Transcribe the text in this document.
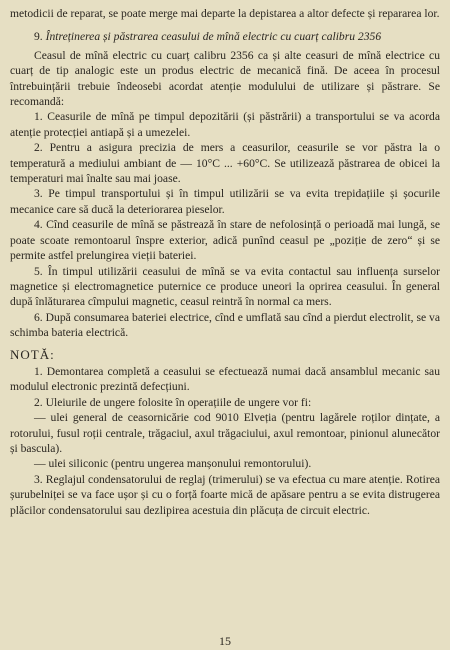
metodicii de reparat, se poate merge mai departe la depistarea a altor defecte și repararea lor.

9. Întreținerea și păstrarea ceasului de mînă electric cu cuarț calibru 2356

Ceasul de mînă electric cu cuarț calibru 2356 ca și alte ceasuri de mînă electrice cu cuarț de tip analogic este un produs electric de mecanică fină. De aceea în procesul întrebuințării trebuie îndeosebi acordat atenție modulului de utilizare și păstrare. Se recomandă:

1. Ceasurile de mînă pe timpul depozitării (și păstrării) a transportului se va acorda atenție protecției antiapă și a umezelei.

2. Pentru a asigura precizia de mers a ceasurilor, ceasurile se vor păstra la o temperatură a mediului ambiant de — 10°C ... +60°C. Se utilizează păstrarea de obicei la temperaturi mai înalte sau mai joase.

3. Pe timpul transportului și în timpul utilizării se va evita trepidațiile și șocurile mecanice care să ducă la deteriorarea pieselor.

4. Cînd ceasurile de mînă se păstrează în stare de nefolosință o perioadă mai lungă, se poate scoate remontoarul înspre exterior, adică punînd ceasul pe „poziție de zero“ și se permite astfel prelungirea vieții bateriei.

5. În timpul utilizării ceasului de mînă se va evita contactul sau influența surselor magnetice și electromagnetice puternice ce produce uneori la oprirea ceasului. În general după înlăturarea cîmpului magnetic, ceasul reintră în normal ca mers.

6. După consumarea bateriei electrice, cînd e umflată sau cînd a pierdut electrolit, se va schimba bateria electrică.

NOTĂ:

1. Demontarea completă a ceasului se efectuează numai dacă ansamblul mecanic sau modulul electronic prezintă defecțiuni.

2. Uleiurile de ungere folosite în operațiile de ungere vor fi:

— ulei general de ceasornicărie cod 9010 Elveția (pentru lagărele roților dințate, a rotorului, fusul roții centrale, trăgaciul, axul trăgaciului, axul remontoar, pinionul alunecător și bascula).

— ulei siliconic (pentru ungerea manșonului remontorului).

3. Reglajul condensatorului de reglaj (trimerului) se va efectua cu mare atenție. Rotirea șurubelniței se va face ușor și cu o forță foarte mică de apăsare pentru a se evita distrugerea plăcilor condensatorului sau dezlipirea acestuia din plăcuța de circuit electric.

15
